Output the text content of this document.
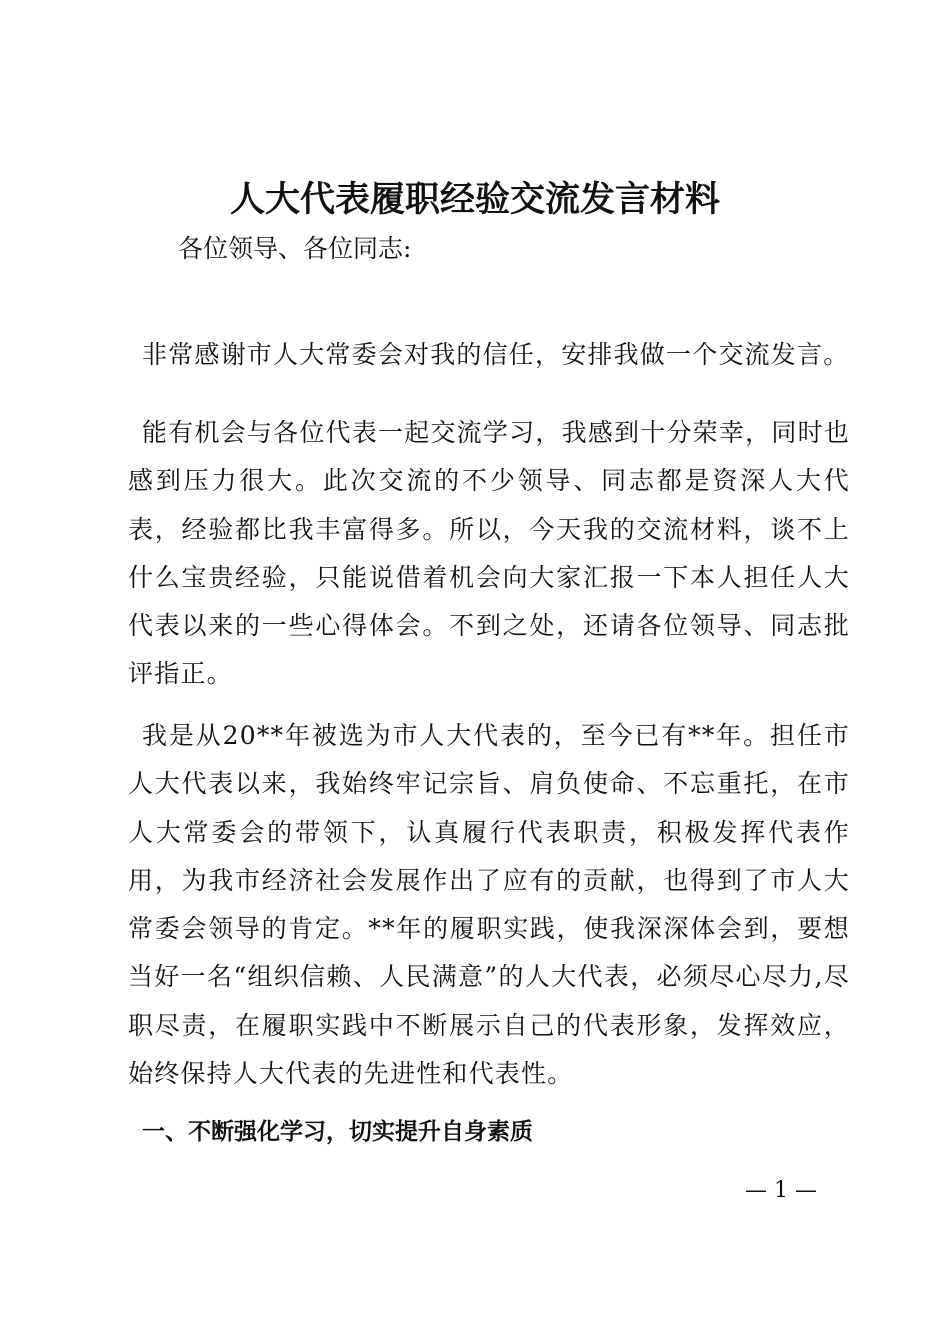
人大代表履职经验交流发言材料

各位领导、各位同志:

非常感谢市人大常委会对我的信任，安排我做一个交流发言。

能有机会与各位代表一起交流学习，我感到十分荣幸，同时也感到压力很大。此次交流的不少领导、同志都是资深人大代表，经验都比我丰富得多。所以，今天我的交流材料，谈不上什么宝贵经验，只能说借着机会向大家汇报一下本人担任人大代表以来的一些心得体会。不到之处，还请各位领导、同志批评指正。

我是从20**年被选为市人大代表的，至今已有**年。担任市人大代表以来，我始终牢记宗旨、肩负使命、不忘重托，在市人大常委会的带领下，认真履行代表职责，积极发挥代表作用，为我市经济社会发展作出了应有的贡献，也得到了市人大常委会领导的肯定。**年的履职实践，使我深深体会到，要想当好一名“组织信赖、人民满意”的人大代表，必须尽心尽力,尽职尽责，在履职实践中不断展示自己的代表形象，发挥效应，始终保持人大代表的先进性和代表性。

一、不断强化学习，切实提升自身素质
— 1 —
